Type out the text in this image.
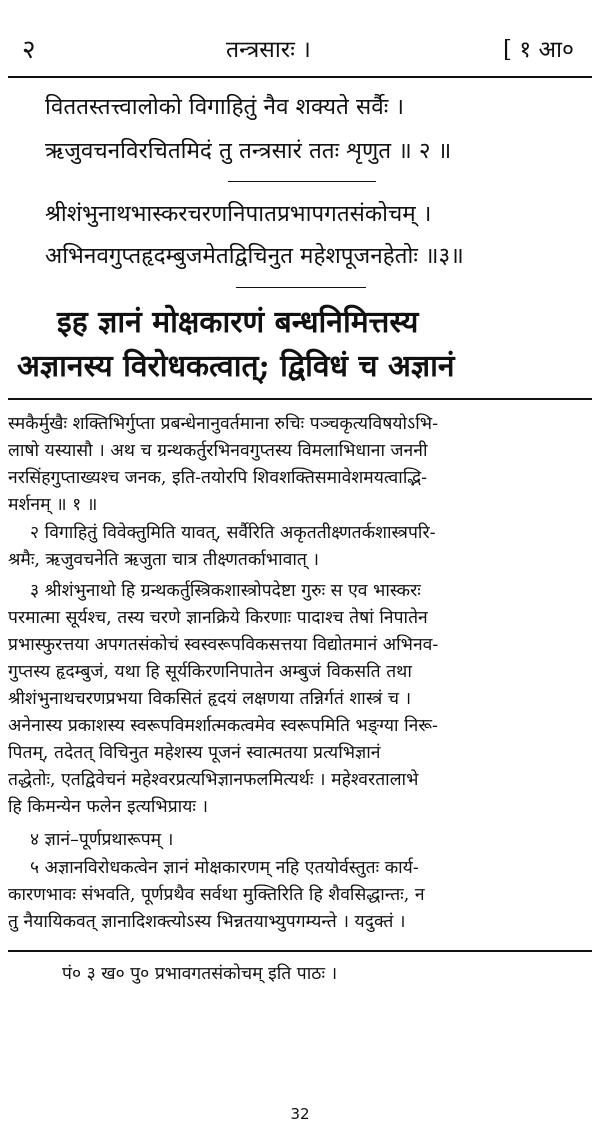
२	तन्त्रसारः ।	[ १ आ०
विततस्तत्त्वालोको विगाहितुं नैव शक्यते सर्वैः ।
ऋजुवचनविरचितमिदं तु तन्त्रसारं ततः शृणुत ॥ २ ॥
श्रीशंभुनाथभास्करचरणनिपातप्रभापगतसंकोचम् ।
अभिनवगुप्तहृदम्बुजमेतद्विचिनुत महेशपूजनहेतोः ॥३॥
इह ज्ञानं मोक्षकारणं बन्धनिमित्तस्य
अज्ञानस्य विरोधकत्वात्; द्विविधं च अज्ञानं
स्मकैर्मुखैः शक्तिभिर्गुप्ता प्रबन्धेनानुवर्तमाना रुचिः पञ्चकृत्यविषयोऽभि-
लाषो यस्यासौ । अथ च ग्रन्थकर्तुरभिनवगुप्तस्य विमलाभिधाना जननी
नरसिंहगुप्ताख्यश्च जनक, इति-तयोरपि शिवशक्तिसमावेशमयत्वाद्भि-
मर्शनम् ॥ १ ॥
२ विगाहितुं विवेक्तुमिति यावत्, सर्वैरिति अकृततीक्ष्णतर्कशास्त्रपरि-
श्रमैः, ऋजुवचनेति ऋजुता चात्र तीक्ष्णतर्काभावात् ।
३ श्रीशंभुनाथो हि ग्रन्थकर्तुस्त्रिकशास्त्रोपदेष्टा गुरुः स एव भास्करः
परमात्मा सूर्यश्च, तस्य चरणे ज्ञानक्रिये किरणाः पादाश्च तेषां निपातेन
प्रभास्फुरत्तया अपगतसंकोचं स्वस्वरूपविकसत्तया विद्योतमानं अभिनव-
गुप्तस्य हृदम्बुजं, यथा हि सूर्यकिरणनिपातेन अम्बुजं विकसति तथा
श्रीशंभुनाथचरणप्रभया विकसितं हृदयं लक्षणया तन्निर्गतं शास्त्रं च ।
अनेनास्य प्रकाशस्य स्वरूपविमर्शात्मकत्वमेव स्वरूपमिति भङ्ग्या निरू-
पितम्, तदेतत् विचिनुत महेशस्य पूजनं स्वात्मतया प्रत्यभिज्ञानं
तद्धेतोः, एतद्विवेचनं महेश्वरप्रत्यभिज्ञानफलमित्यर्थः । महेश्वरतालाभे
हि किमन्येन फलेन इत्यभिप्रायः ।
४ ज्ञानं–पूर्णप्रथारूपम् ।
५ अज्ञानविरोधकत्वेन ज्ञानं मोक्षकारणम् नहि एतयोर्वस्तुतः कार्य-
कारणभावः संभवति, पूर्णप्रथैव सर्वथा मुक्तिरिति हि शैवसिद्धान्तः, न
तु नैयायिकवत् ज्ञानादिशक्त्योऽस्य भिन्नतयाभ्युपगम्यन्ते । यदुक्तं ।
पं० ३ ख० पु० प्रभावगतसंकोचम् इति पाठः ।
32
